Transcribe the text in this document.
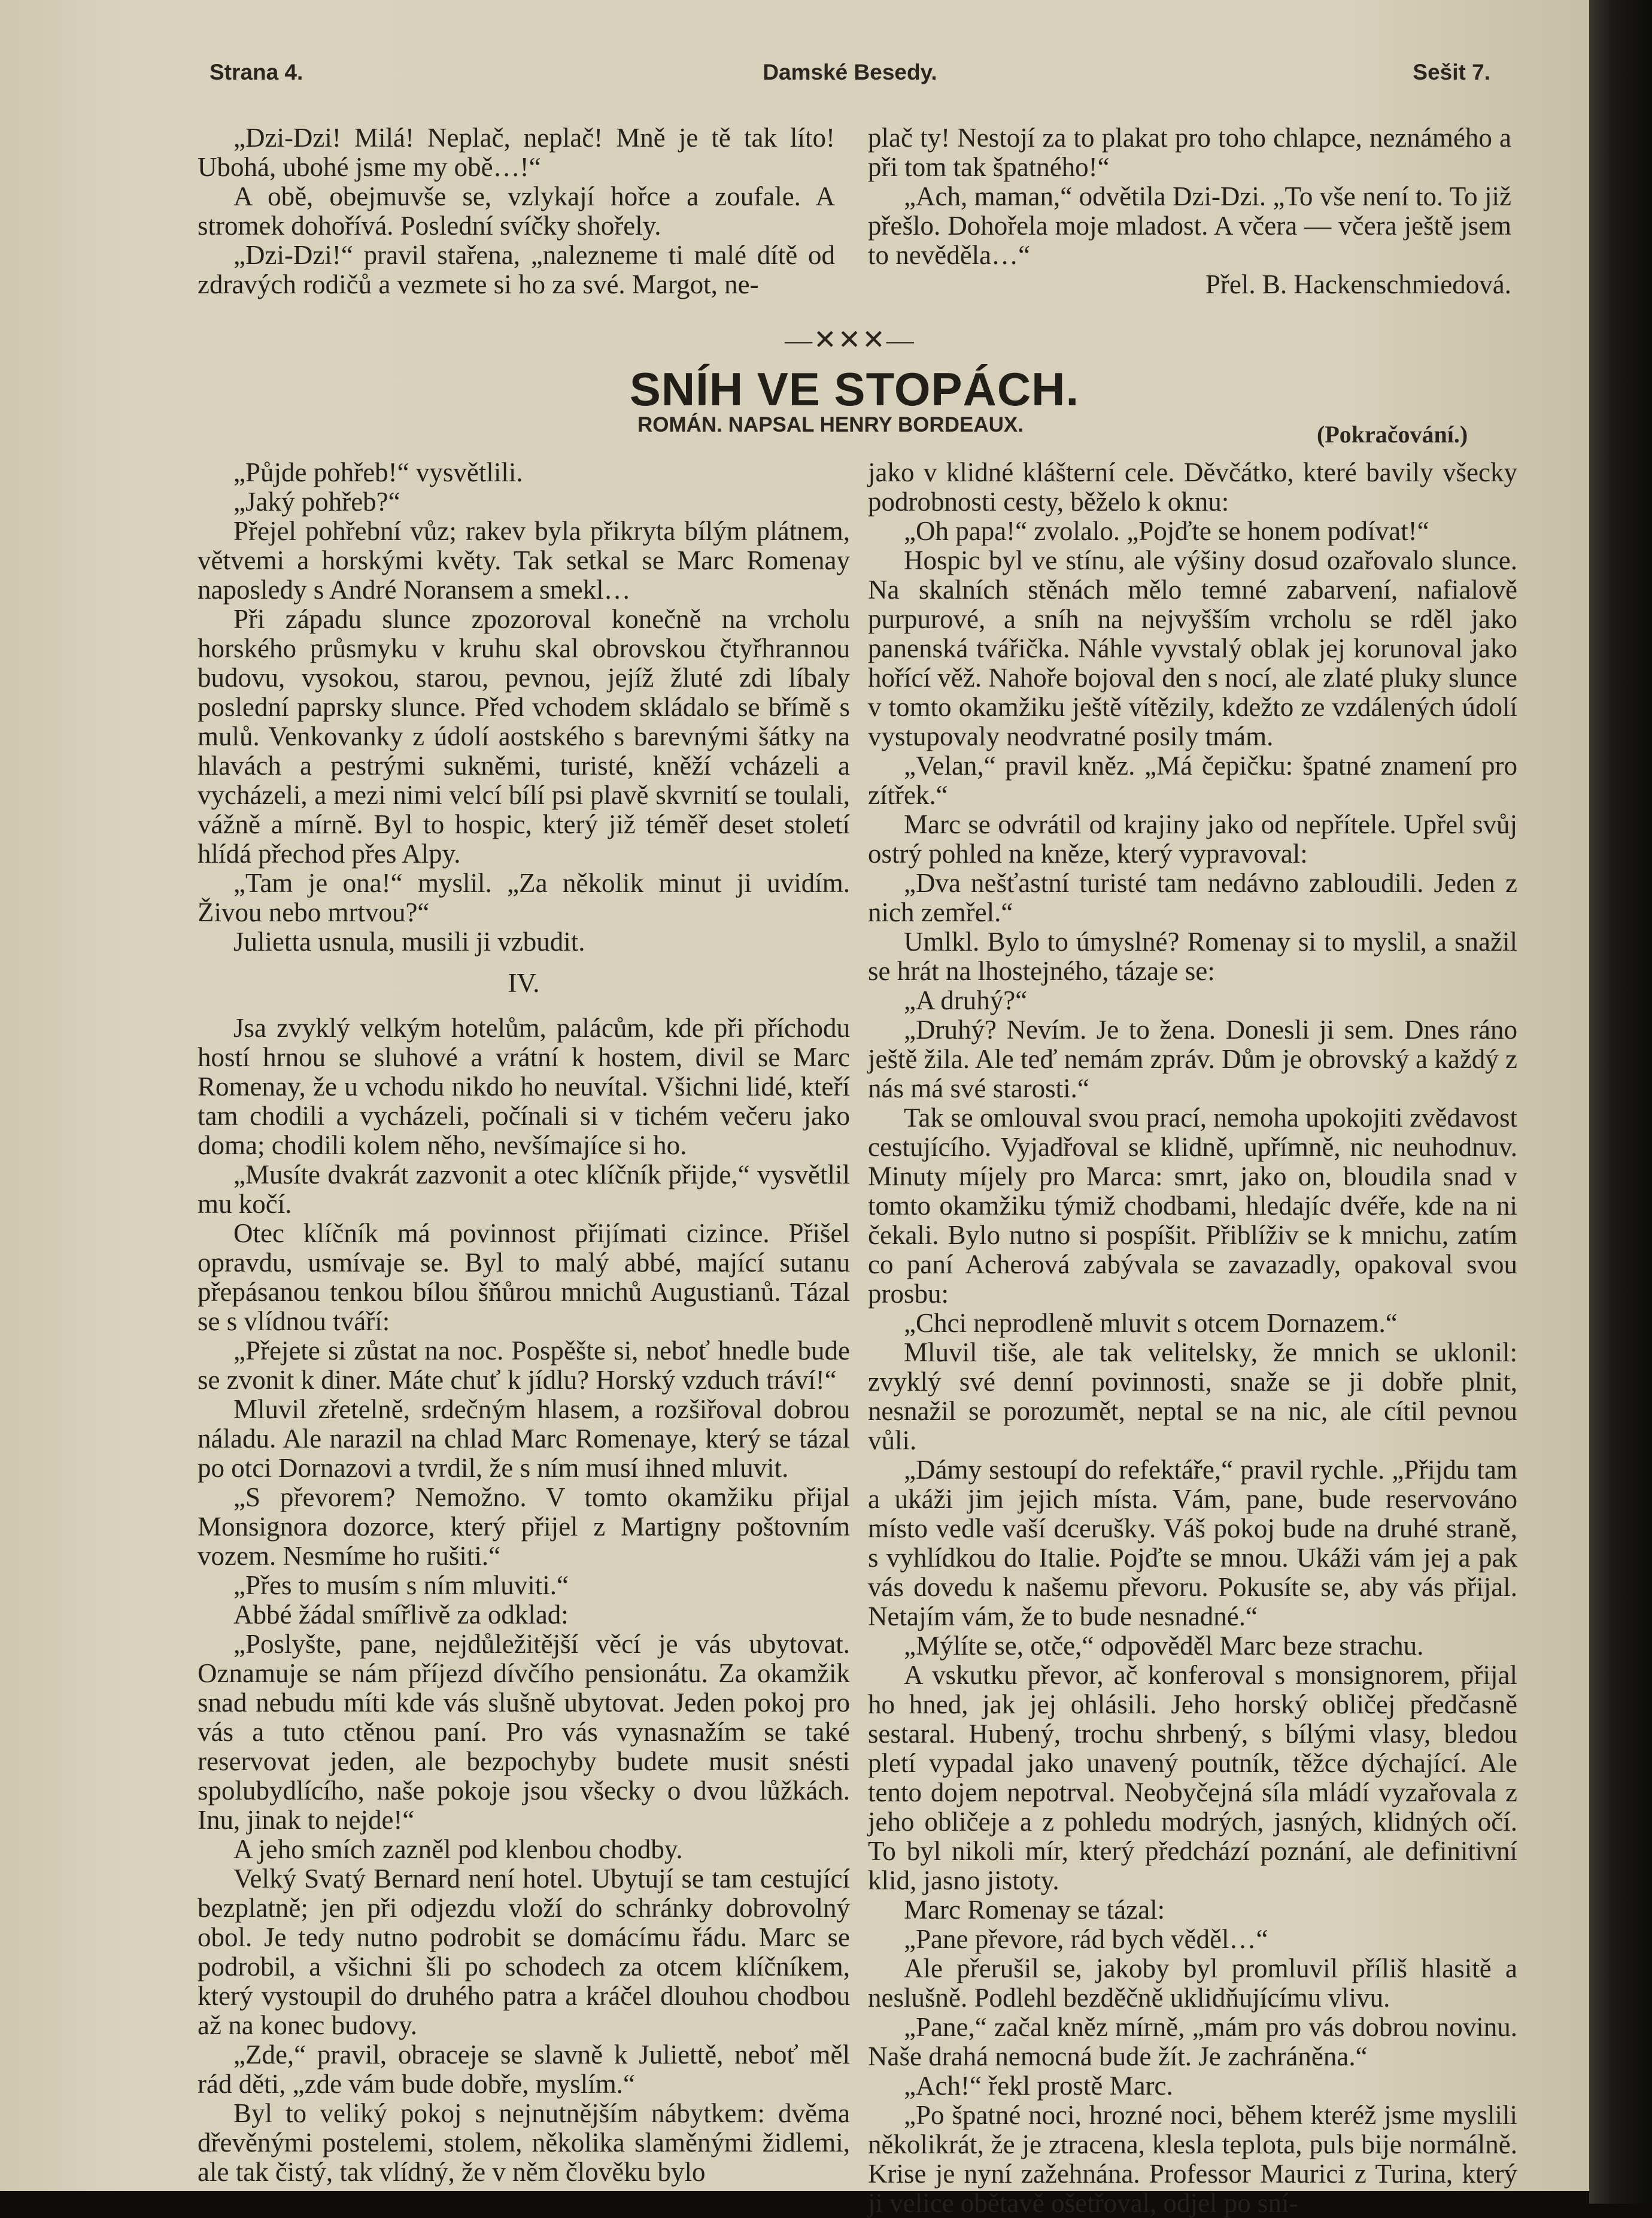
Strana 4.	Damské Besedy.	Sešit 7.

„Dzi-Dzi! Milá! Neplač, neplač! Mně je tě tak líto! Ubohá, ubohé jsme my obě…!“

A obě, obejmuvše se, vzlykají hořce a zoufale. A stromek dohořívá. Poslední svíčky shořely.

„Dzi-Dzi!“ pravil stařena, „nalezneme ti malé dítě od zdravých rodičů a vezmete si ho za své. Margot, ne-

plač ty! Nestojí za to plakat pro toho chlapce, neznámého a při tom tak špatného!“

„Ach, maman,“ odvětila Dzi-Dzi. „To vše není to. To již přešlo. Dohořela moje mladost. A včera — včera ještě jsem to nevěděla…“

Přel. B. Hackenschmiedová.

—✕✕✕—
SNÍH VE STOPÁCH.
ROMÁN. NAPSAL HENRY BORDEAUX.	(Pokračování.)

„Půjde pohřeb!“ vysvětlili.

„Jaký pohřeb?“

Přejel pohřební vůz; rakev byla přikryta bílým plátnem, větvemi a horskými květy. Tak setkal se Marc Romenay naposledy s André Noransem a smekl…

Při západu slunce zpozoroval konečně na vrcholu horského průsmyku v kruhu skal obrovskou čtyřhrannou budovu, vysokou, starou, pevnou, jejíž žluté zdi líbaly poslední paprsky slunce. Před vchodem skládalo se břímě s mulů. Venkovanky z údolí aostského s barevnými šátky na hlavách a pestrými sukněmi, turisté, kněží vcházeli a vycházeli, a mezi nimi velcí bílí psi plavě skvrnití se toulali, vážně a mírně. Byl to hospic, který již téměř deset století hlídá přechod přes Alpy.

„Tam je ona!“ myslil. „Za několik minut ji uvidím. Živou nebo mrtvou?“

Julietta usnula, musili ji vzbudit.

IV.

Jsa zvyklý velkým hotelům, palácům, kde při příchodu hostí hrnou se sluhové a vrátní k hostem, divil se Marc Romenay, že u vchodu nikdo ho neuvítal. Všichni lidé, kteří tam chodili a vycházeli, počínali si v tichém večeru jako doma; chodili kolem něho, nevšímajíce si ho.

„Musíte dvakrát zazvonit a otec klíčník přijde,“ vysvětlil mu kočí.

Otec klíčník má povinnost přijímati cizince. Přišel opravdu, usmívaje se. Byl to malý abbé, mající sutanu přepásanou tenkou bílou šňůrou mnichů Augustianů. Tázal se s vlídnou tváří:

„Přejete si zůstat na noc. Pospěšte si, neboť hnedle bude se zvonit k diner. Máte chuť k jídlu? Horský vzduch tráví!“

Mluvil zřetelně, srdečným hlasem, a rozšiřoval dobrou náladu. Ale narazil na chlad Marc Romenaye, který se tázal po otci Dornazovi a tvrdil, že s ním musí ihned mluvit.

„S převorem? Nemožno. V tomto okamžiku přijal Monsignora dozorce, který přijel z Martigny poštovním vozem. Nesmíme ho rušiti.“

„Přes to musím s ním mluviti.“

Abbé žádal smířlivě za odklad:

„Poslyšte, pane, nejdůležitější věcí je vás ubytovat. Oznamuje se nám příjezd dívčího pensionátu. Za okamžik snad nebudu míti kde vás slušně ubytovat. Jeden pokoj pro vás a tuto ctěnou paní. Pro vás vynasnažím se také reservovat jeden, ale bezpochyby budete musit snésti spolubydlícího, naše pokoje jsou všecky o dvou lůžkách. Inu, jinak to nejde!“

A jeho smích zazněl pod klenbou chodby.

Velký Svatý Bernard není hotel. Ubytují se tam cestující bezplatně; jen při odjezdu vloží do schránky dobrovolný obol. Je tedy nutno podrobit se domácímu řádu. Marc se podrobil, a všichni šli po schodech za otcem klíčníkem, který vystoupil do druhého patra a kráčel dlouhou chodbou až na konec budovy.

„Zde,“ pravil, obraceje se slavně k Juliettě, neboť měl rád děti, „zde vám bude dobře, myslím.“

Byl to veliký pokoj s nejnutnějším nábytkem: dvěma dřevěnými postelemi, stolem, několika slaměnými židlemi, ale tak čistý, tak vlídný, že v něm člověku bylo

jako v klidné klášterní cele. Děvčátko, které bavily všecky podrobnosti cesty, běželo k oknu:

„Oh papa!“ zvolalo. „Pojďte se honem podívat!“

Hospic byl ve stínu, ale výšiny dosud ozařovalo slunce. Na skalních stěnách mělo temné zabarvení, nafialově purpurové, a sníh na nejvyšším vrcholu se rděl jako panenská tvářička. Náhle vyvstalý oblak jej korunoval jako hořící věž. Nahoře bojoval den s nocí, ale zlaté pluky slunce v tomto okamžiku ještě vítězily, kdežto ze vzdálených údolí vystupovaly neodvratné posily tmám.

„Velan,“ pravil kněz. „Má čepičku: špatné znamení pro zítřek.“

Marc se odvrátil od krajiny jako od nepřítele. Upřel svůj ostrý pohled na kněze, který vypravoval:

„Dva nešťastní turisté tam nedávno zabloudili. Jeden z nich zemřel.“

Umlkl. Bylo to úmyslné? Romenay si to myslil, a snažil se hrát na lhostejného, tázaje se:

„A druhý?“

„Druhý? Nevím. Je to žena. Donesli ji sem. Dnes ráno ještě žila. Ale teď nemám zpráv. Dům je obrovský a každý z nás má své starosti.“

Tak se omlouval svou prací, nemoha upokojiti zvědavost cestujícího. Vyjadřoval se klidně, upřímně, nic neuhodnuv. Minuty míjely pro Marca: smrt, jako on, bloudila snad v tomto okamžiku týmiž chodbami, hledajíc dvéře, kde na ni čekali. Bylo nutno si pospíšit. Přiblíživ se k mnichu, zatím co paní Acherová zabývala se zavazadly, opakoval svou prosbu:

„Chci neprodleně mluvit s otcem Dornazem.“

Mluvil tiše, ale tak velitelsky, že mnich se uklonil: zvyklý své denní povinnosti, snaže se ji dobře plnit, nesnažil se porozumět, neptal se na nic, ale cítil pevnou vůli.

„Dámy sestoupí do refektáře,“ pravil rychle. „Přijdu tam a ukáži jim jejich místa. Vám, pane, bude reservováno místo vedle vaší dcerušky. Váš pokoj bude na druhé straně, s vyhlídkou do Italie. Pojďte se mnou. Ukáži vám jej a pak vás dovedu k našemu převoru. Pokusíte se, aby vás přijal. Netajím vám, že to bude nesnadné.“

„Mýlíte se, otče,“ odpověděl Marc beze strachu.

A vskutku převor, ač konferoval s monsignorem, přijal ho hned, jak jej ohlásili. Jeho horský obličej předčasně sestaral. Hubený, trochu shrbený, s bílými vlasy, bledou pletí vypadal jako unavený poutník, těžce dýchající. Ale tento dojem nepotrval. Neobyčejná síla mládí vyzařovala z jeho obličeje a z pohledu modrých, jasných, klidných očí. To byl nikoli mír, který předchází poznání, ale definitivní klid, jasno jistoty.

Marc Romenay se tázal:

„Pane převore, rád bych věděl…“

Ale přerušil se, jakoby byl promluvil příliš hlasitě a neslušně. Podlehl bezděčně uklidňujícímu vlivu.

„Pane,“ začal kněz mírně, „mám pro vás dobrou novinu. Naše drahá nemocná bude žít. Je zachráněna.“

„Ach!“ řekl prostě Marc.

„Po špatné noci, hrozné noci, během kteréž jsme myslili několikrát, že je ztracena, klesla teplota, puls bije normálně. Krise je nyní zažehnána. Professor Maurici z Turina, který ji velice obětavě ošetřoval, odjel po sní-
